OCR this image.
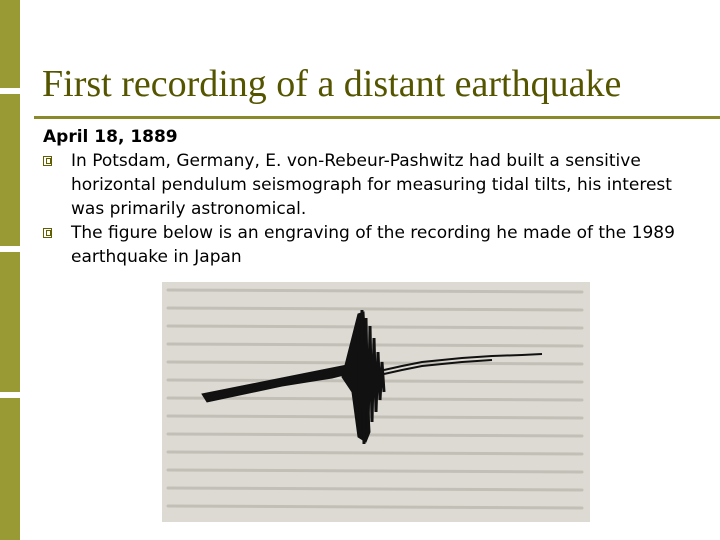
First recording of a distant earthquake

April 18, 1889

In Potsdam, Germany, E. von-Rebeur-Pashwitz had built a sensitive horizontal pendulum seismograph for measuring tidal tilts, his interest was primarily astronomical.
The figure below is an engraving of the recording he made of the 1989 earthquake in Japan
